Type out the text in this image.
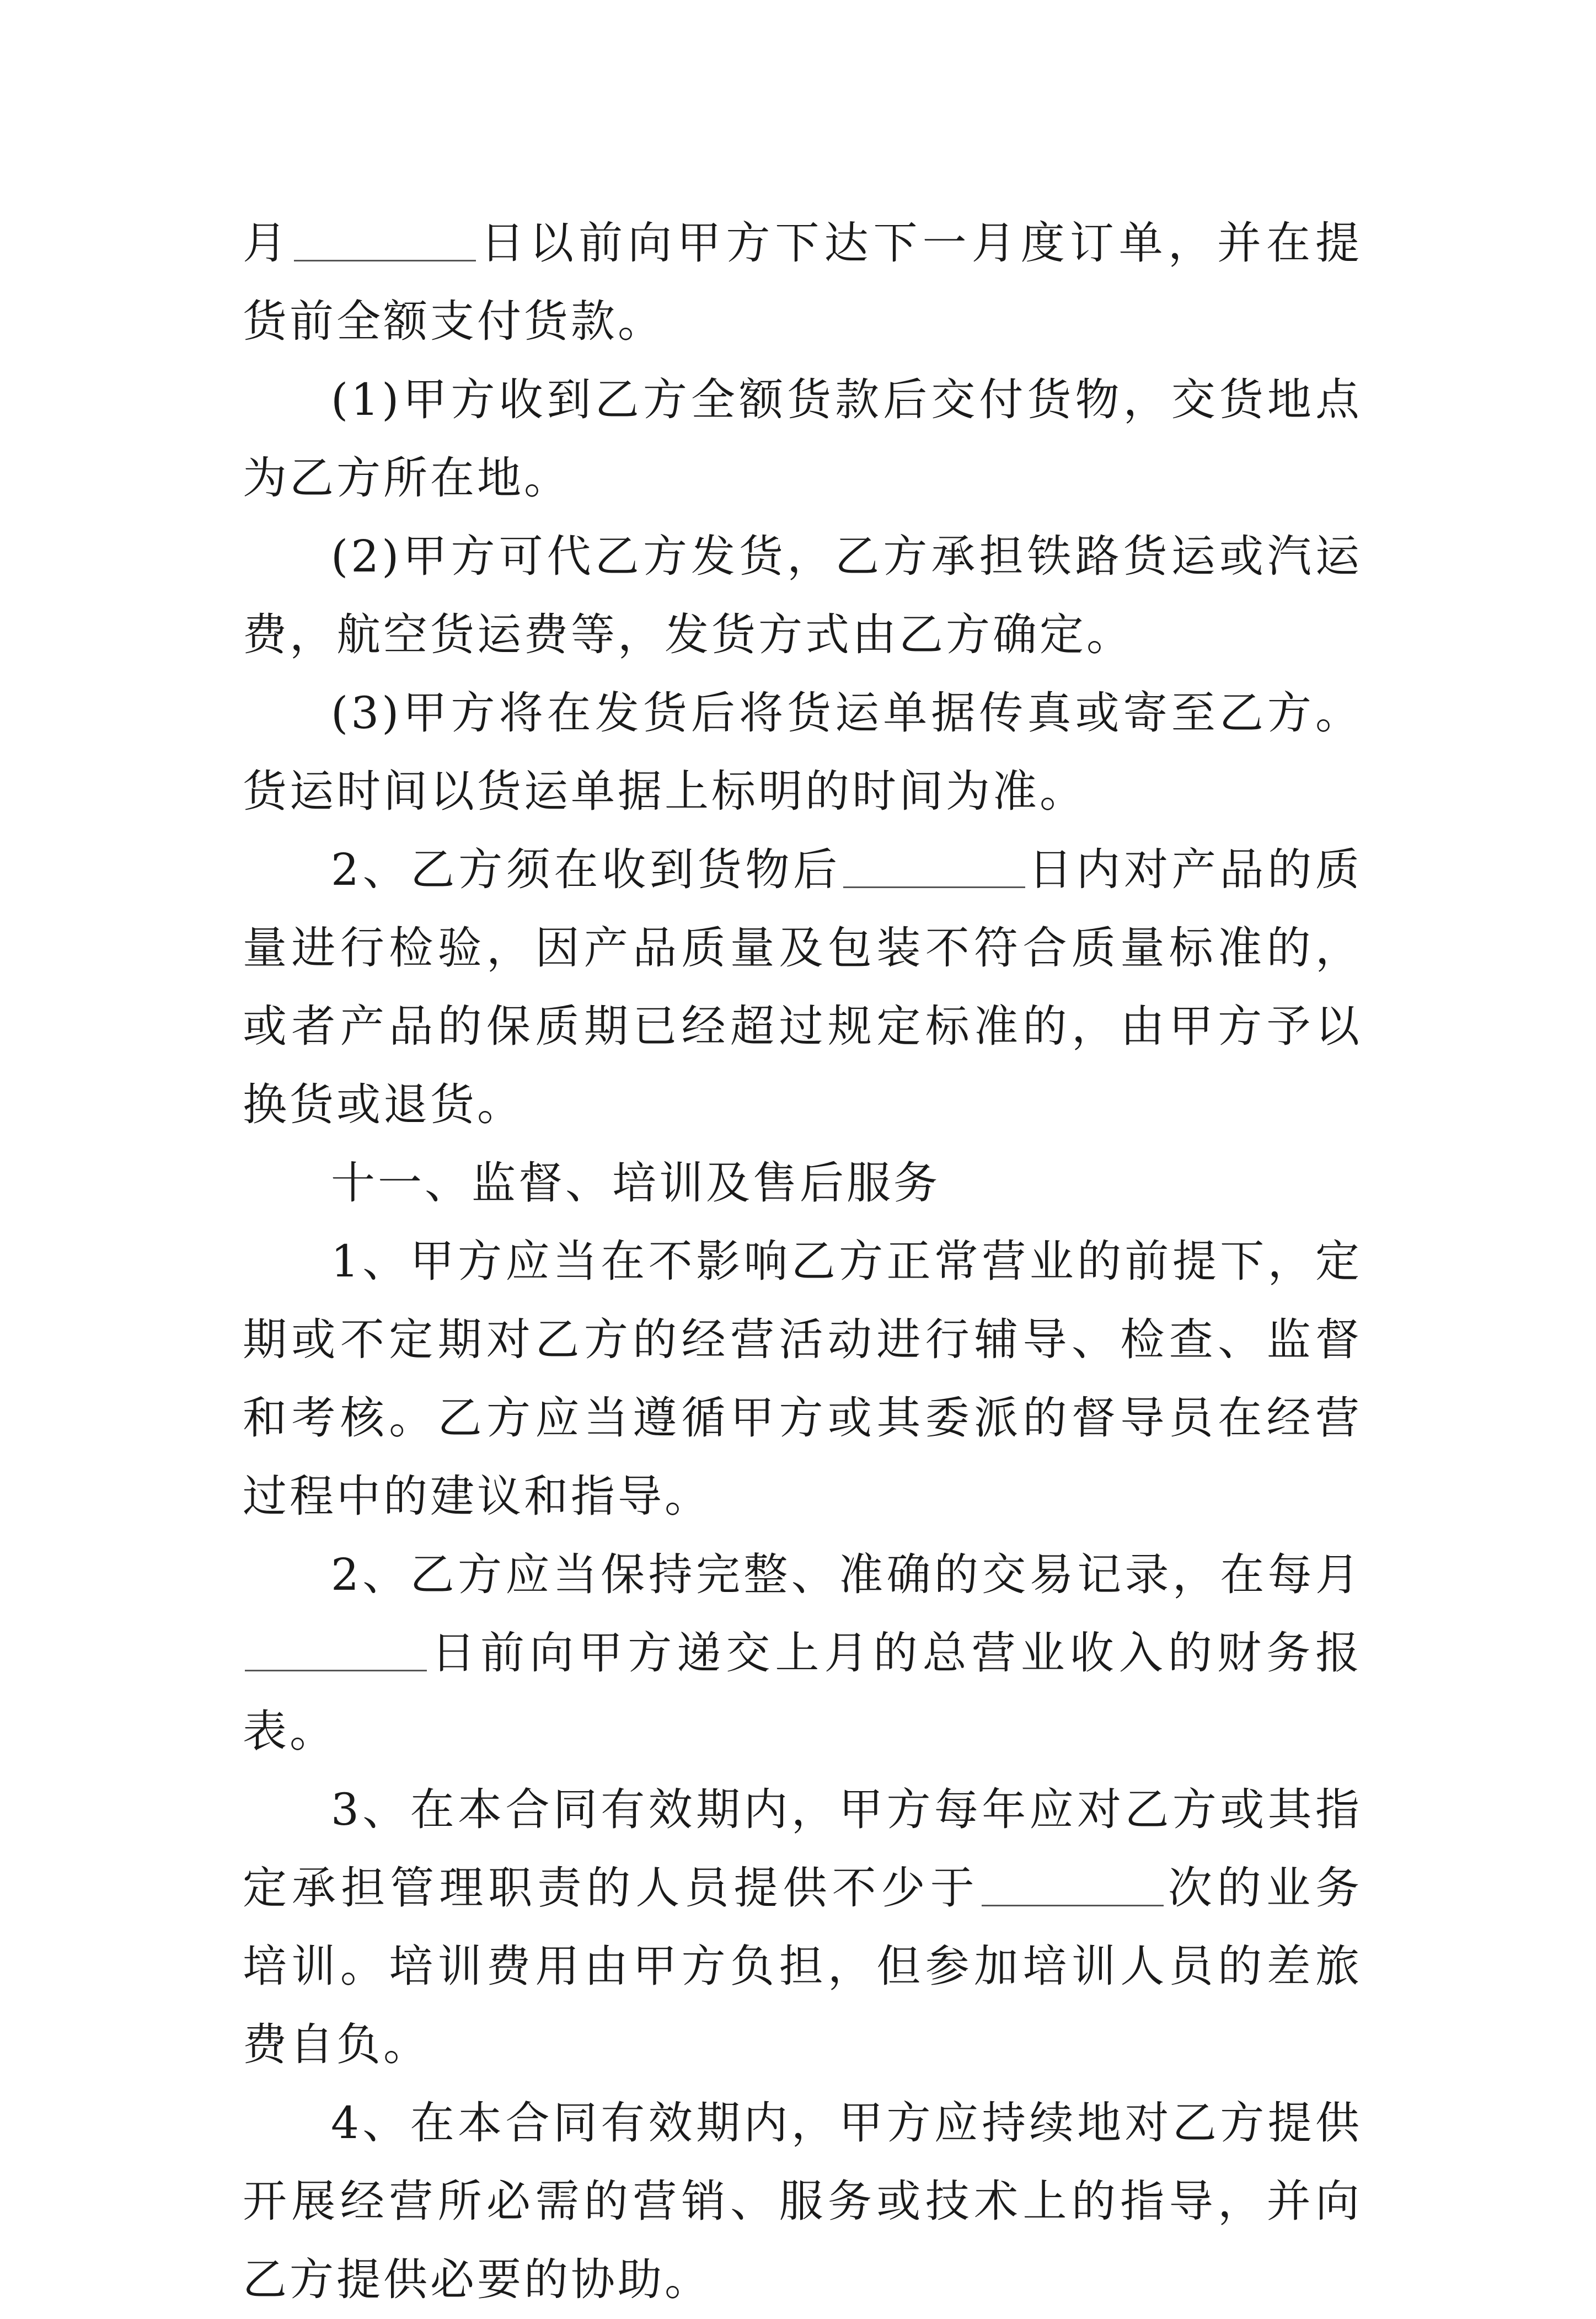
月	日以前向甲方下达下一月度订单，并在提货前全额支付货款。

(1)甲方收到乙方全额货款后交付货物，交货地点为乙方所在地。

(2)甲方可代乙方发货，乙方承担铁路货运或汽运费，航空货运费等，发货方式由乙方确定。

(3)甲方将在发货后将货运单据传真或寄至乙方。货运时间以货运单据上标明的时间为准。

2、乙方须在收到货物后	日内对产品的质量进行检验，因产品质量及包装不符合质量标准的，或者产品的保质期已经超过规定标准的，由甲方予以换货或退货。

十一、监督、培训及售后服务

1、甲方应当在不影响乙方正常营业的前提下，定期或不定期对乙方的经营活动进行辅导、检查、监督和考核。乙方应当遵循甲方或其委派的督导员在经营过程中的建议和指导。

2、乙方应当保持完整、准确的交易记录，在每月日前向甲方递交上月的总营业收入的财务报表。

3、在本合同有效期内，甲方每年应对乙方或其指定承担管理职责的人员提供不少于	次的业务培训。培训费用由甲方负担，但参加培训人员的差旅费自负。

4、在本合同有效期内，甲方应持续地对乙方提供开展经营所必需的营销、服务或技术上的指导，并向乙方提供必要的协助。
